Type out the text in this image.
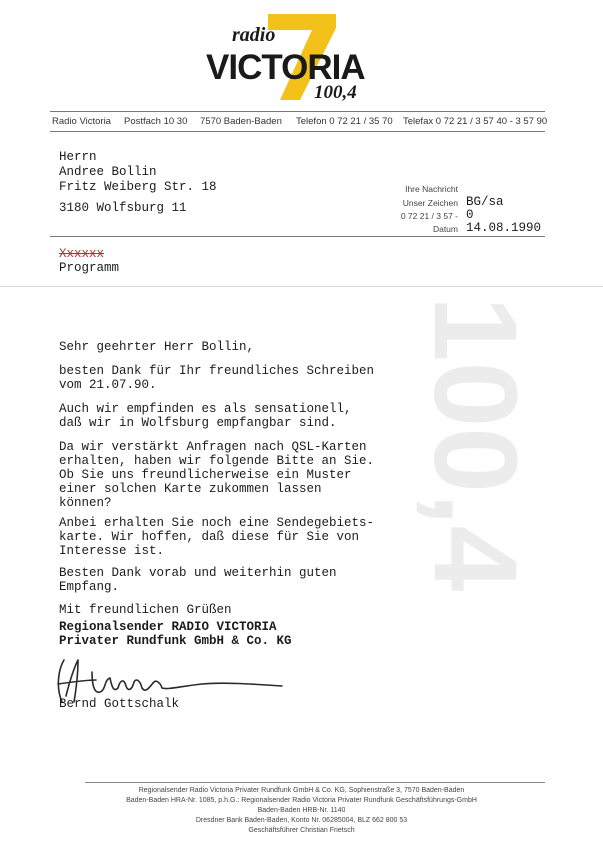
radio
VICTORIA
100,4
Radio Victoria Postfach 10 30 7570 Baden-Baden Telefon 0 72 21 / 35 70 Telefax 0 72 21 / 3 57 40 - 3 57 90
Herrn
Andree Bollin
Fritz Weiberg Str. 18
3180 Wolfsburg 11
Ihre Nachricht
Unser Zeichen BG/sa
0 72 21 / 3 57 - 0
Datum 14.08.1990
Xxxxxx
Programm
100,4
Sehr geehrter Herr Bollin,
besten Dank für Ihr freundliches Schreiben
vom 21.07.90.
Auch wir empfinden es als sensationell,
daß wir in Wolfsburg empfangbar sind.
Da wir verstärkt Anfragen nach QSL-Karten
erhalten, haben wir folgende Bitte an Sie.
Ob Sie uns freundlicherweise ein Muster
einer solchen Karte zukommen lassen
können?
Anbei erhalten Sie noch eine Sendegebiets-
karte. Wir hoffen, daß diese für Sie von
Interesse ist.
Besten Dank vorab und weiterhin guten
Empfang.
Mit freundlichen Grüßen
Regionalsender RADIO VICTORIA
Privater Rundfunk GmbH & Co. KG
Bernd Gottschalk
Regionalsender Radio Victoria Privater Rundfunk GmbH & Co. KG, Sophienstraße 3, 7570 Baden-Baden
Baden-Baden HRA-Nr. 1085, p.h.G.: Regionalsender Radio Victoria Privater Rundfunk Geschäftsführungs-GmbH
Baden-Baden HRB-Nr. 1140
Dresdner Bank Baden-Baden, Konto Nr. 06285004, BLZ 662 800 53
Geschäftsführer Christian Frietsch
